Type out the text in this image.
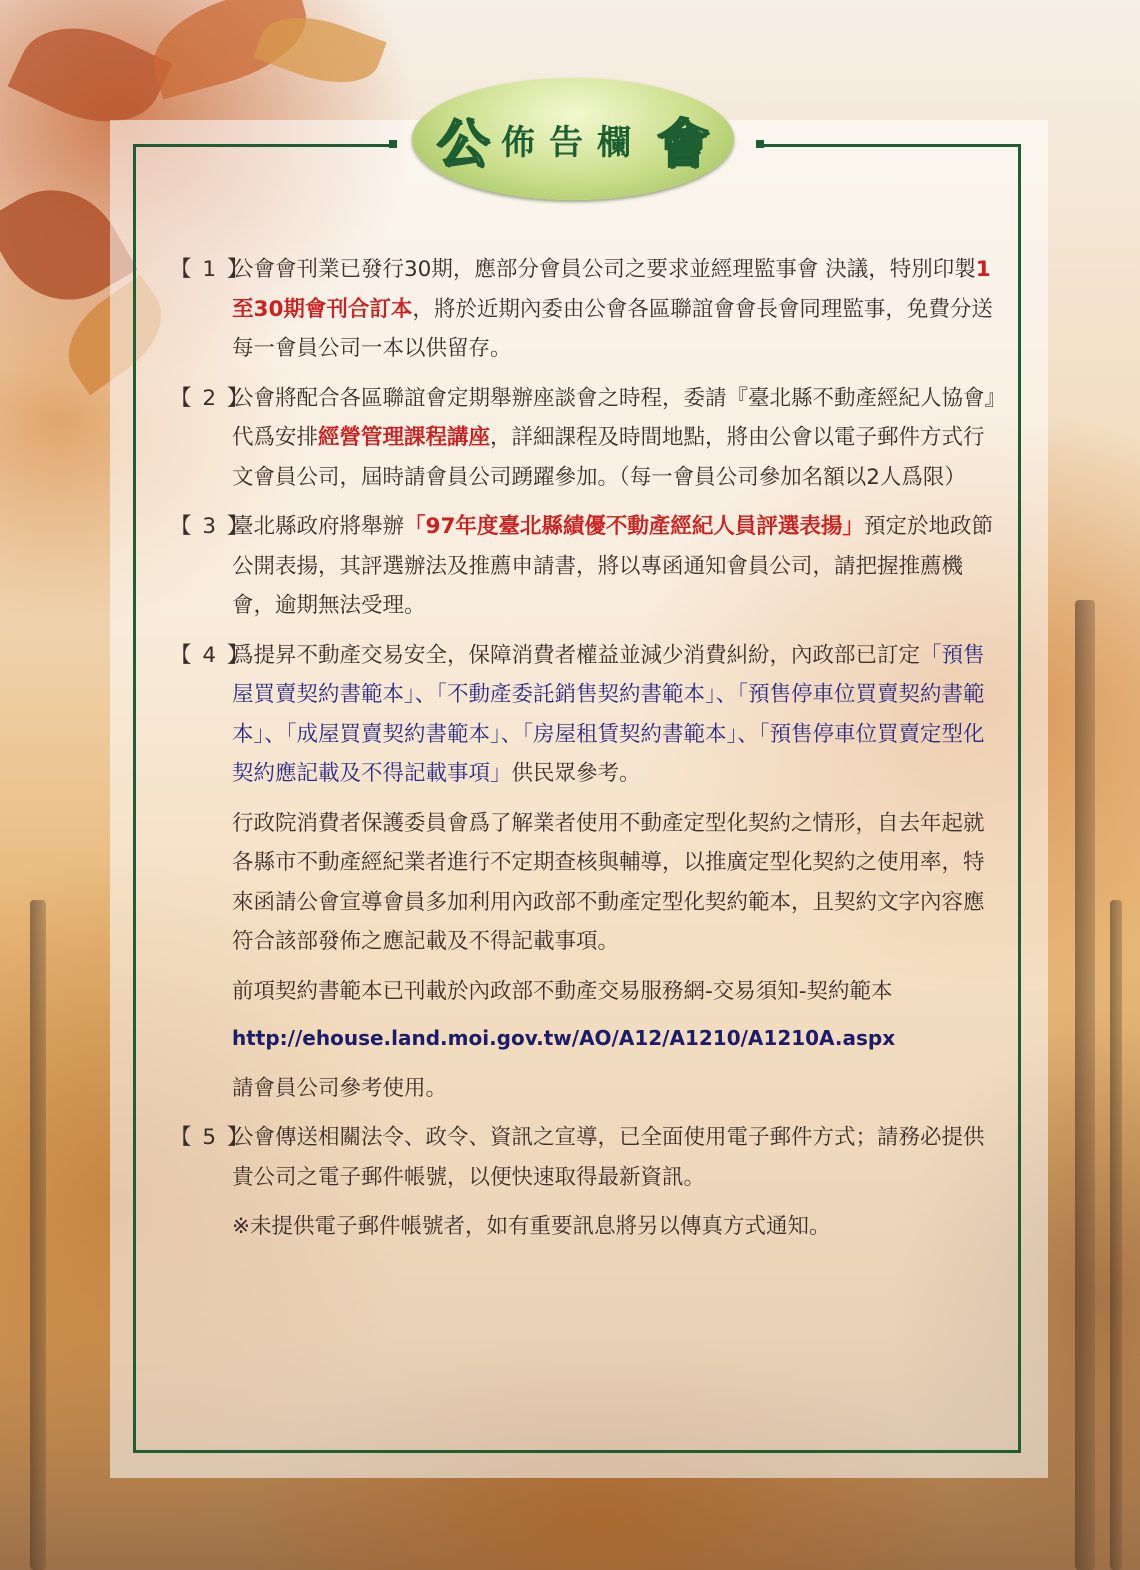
公 佈告欄 會
【 1 】

公會會刊業已發行30期，應部分會員公司之要求並經理監事會 決議，特別印製1至30期會刊合訂本，將於近期內委由公會各區聯誼會會長會同理監事，免費分送每一會員公司一本以供留存。

【 2 】

公會將配合各區聯誼會定期舉辦座談會之時程，委請『臺北縣不動產經紀人協會』代爲安排經營管理課程講座，詳細課程及時間地點，將由公會以電子郵件方式行文會員公司，屆時請會員公司踴躍參加。（每一會員公司參加名額以2人爲限）

【 3 】

臺北縣政府將舉辦「97年度臺北縣績優不動產經紀人員評選表揚」預定於地政節公開表揚，其評選辦法及推薦申請書，將以專函通知會員公司，請把握推薦機會，逾期無法受理。

【 4 】

爲提昇不動產交易安全，保障消費者權益並減少消費糾紛，內政部已訂定「預售屋買賣契約書範本」、「不動產委託銷售契約書範本」、「預售停車位買賣契約書範本」、「成屋買賣契約書範本」、「房屋租賃契約書範本」、「預售停車位買賣定型化契約應記載及不得記載事項」供民眾參考。

行政院消費者保護委員會爲了解業者使用不動產定型化契約之情形，自去年起就各縣市不動產經紀業者進行不定期查核與輔導，以推廣定型化契約之使用率，特來函請公會宣導會員多加利用內政部不動產定型化契約範本，且契約文字內容應符合該部發佈之應記載及不得記載事項。
前項契約書範本已刊載於內政部不動產交易服務網-交易須知-契約範本
http://ehouse.land.moi.gov.tw/AO/A12/A1210/A1210A.aspx
請會員公司參考使用。
【 5 】

公會傳送相關法令、政令、資訊之宣導，已全面使用電子郵件方式；請務必提供貴公司之電子郵件帳號，以便快速取得最新資訊。

※未提供電子郵件帳號者，如有重要訊息將另以傳真方式通知。
